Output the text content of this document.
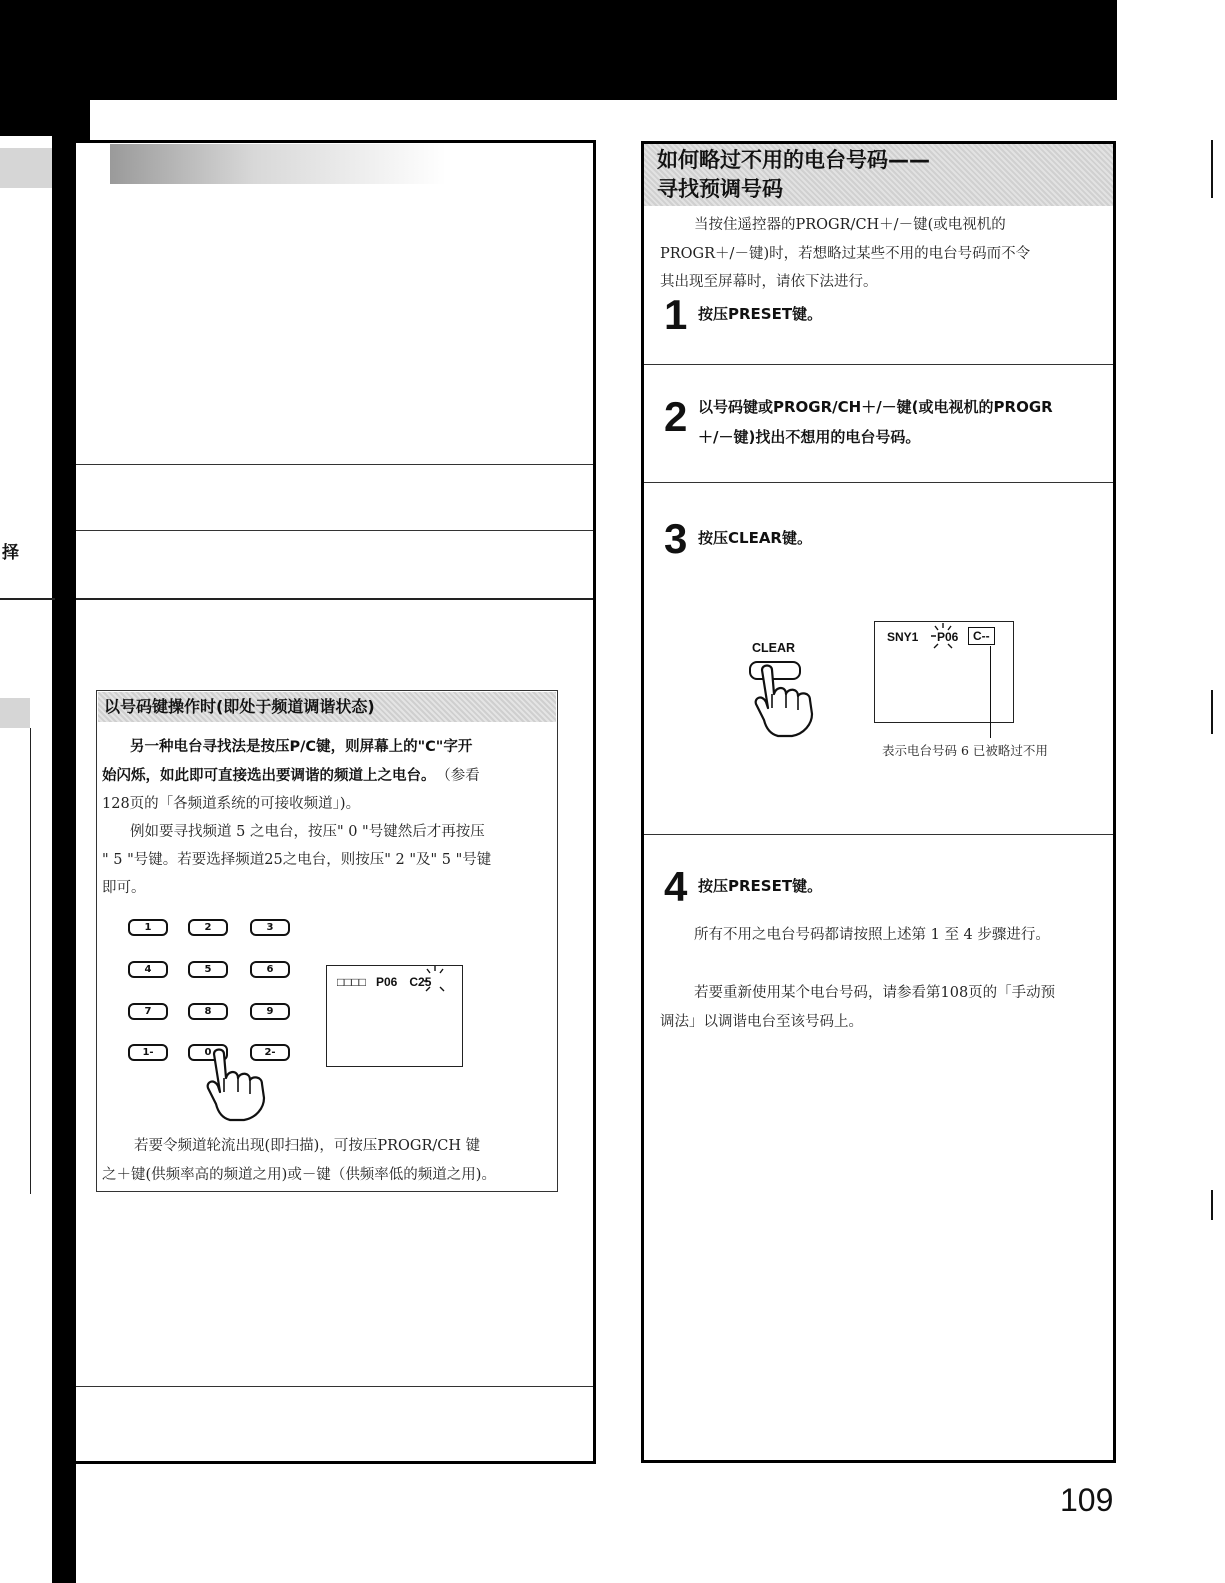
择
以号码键操作时(即处于频道调谐状态)
另一种电台寻找法是按压P/C键，则屏幕上的"C"字开
始闪烁，如此即可直接选出要调谐的频道上之电台。 （参看
128页的「各频道系统的可接收频道」)。
例如要寻找频道 5 之电台，按压" 0 "号键然后才再按压
" 5 "号键。若要选择频道25之电台，则按压" 2 "及" 5 "号键
即可。
1	2	3
4	5	6
7	8	9
1-	0	2-
□□□□ P06 C25
若要令频道轮流出现(即扫描)，可按压PROGR/CH 键
之＋键(供频率高的频道之用)或－键（供频率低的频道之用)。
如何略过不用的电台号码——
寻找预调号码
当按住遥控器的PROGR/CH＋/－键(或电视机的
PROGR＋/－键)时，若想略过某些不用的电台号码而不令
其出现至屏幕时，请依下法进行。
1 按压PRESET键。
2 以号码键或PROGR/CH＋/－键(或电视机的PROGR
＋/－键)找出不想用的电台号码。
3 按压CLEAR键。
CLEAR
SNY1 P06	C--
表示电台号码 6 已被略过不用
4 按压PRESET键。
所有不用之电台号码都请按照上述第 1 至 4 步骤进行。
若要重新使用某个电台号码，请参看第108页的「手动预
调法」以调谐电台至该号码上。
109
